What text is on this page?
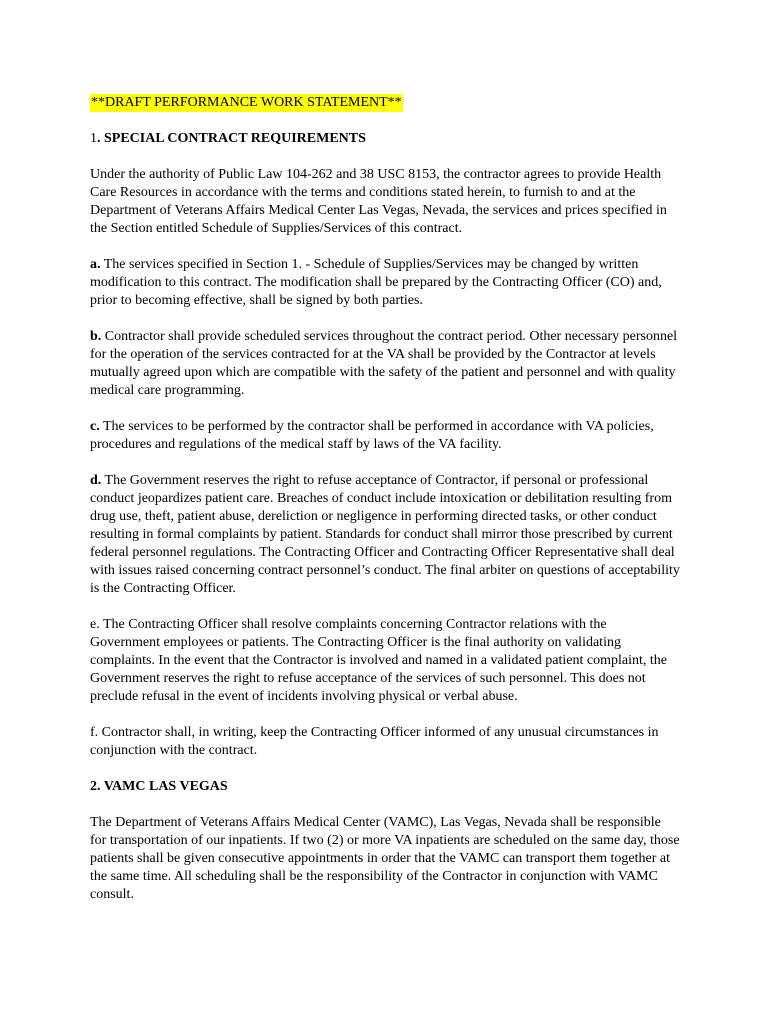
**DRAFT PERFORMANCE WORK STATEMENT**
1. SPECIAL CONTRACT REQUIREMENTS

Under the authority of Public Law 104-262 and 38 USC 8153, the contractor agrees to provide Health Care Resources in accordance with the terms and conditions stated herein, to furnish to and at the Department of Veterans Affairs Medical Center Las Vegas, Nevada, the services and prices specified in the Section entitled Schedule of Supplies/Services of this contract.

a. The services specified in Section 1. - Schedule of Supplies/Services may be changed by written modification to this contract. The modification shall be prepared by the Contracting Officer (CO) and, prior to becoming effective, shall be signed by both parties.

b. Contractor shall provide scheduled services throughout the contract period. Other necessary personnel for the operation of the services contracted for at the VA shall be provided by the Contractor at levels mutually agreed upon which are compatible with the safety of the patient and personnel and with quality medical care programming.

c. The services to be performed by the contractor shall be performed in accordance with VA policies, procedures and regulations of the medical staff by laws of the VA facility.

d. The Government reserves the right to refuse acceptance of Contractor, if personal or professional conduct jeopardizes patient care. Breaches of conduct include intoxication or debilitation resulting from drug use, theft, patient abuse, dereliction or negligence in performing directed tasks, or other conduct resulting in formal complaints by patient. Standards for conduct shall mirror those prescribed by current federal personnel regulations. The Contracting Officer and Contracting Officer Representative shall deal with issues raised concerning contract personnel’s conduct. The final arbiter on questions of acceptability is the Contracting Officer.

e. The Contracting Officer shall resolve complaints concerning Contractor relations with the Government employees or patients. The Contracting Officer is the final authority on validating complaints. In the event that the Contractor is involved and named in a validated patient complaint, the Government reserves the right to refuse acceptance of the services of such personnel. This does not preclude refusal in the event of incidents involving physical or verbal abuse.

f. Contractor shall, in writing, keep the Contracting Officer informed of any unusual circumstances in conjunction with the contract.

2. VAMC LAS VEGAS

The Department of Veterans Affairs Medical Center (VAMC), Las Vegas, Nevada shall be responsible for transportation of our inpatients. If two (2) or more VA inpatients are scheduled on the same day, those patients shall be given consecutive appointments in order that the VAMC can transport them together at the same time. All scheduling shall be the responsibility of the Contractor in conjunction with VAMC consult.
